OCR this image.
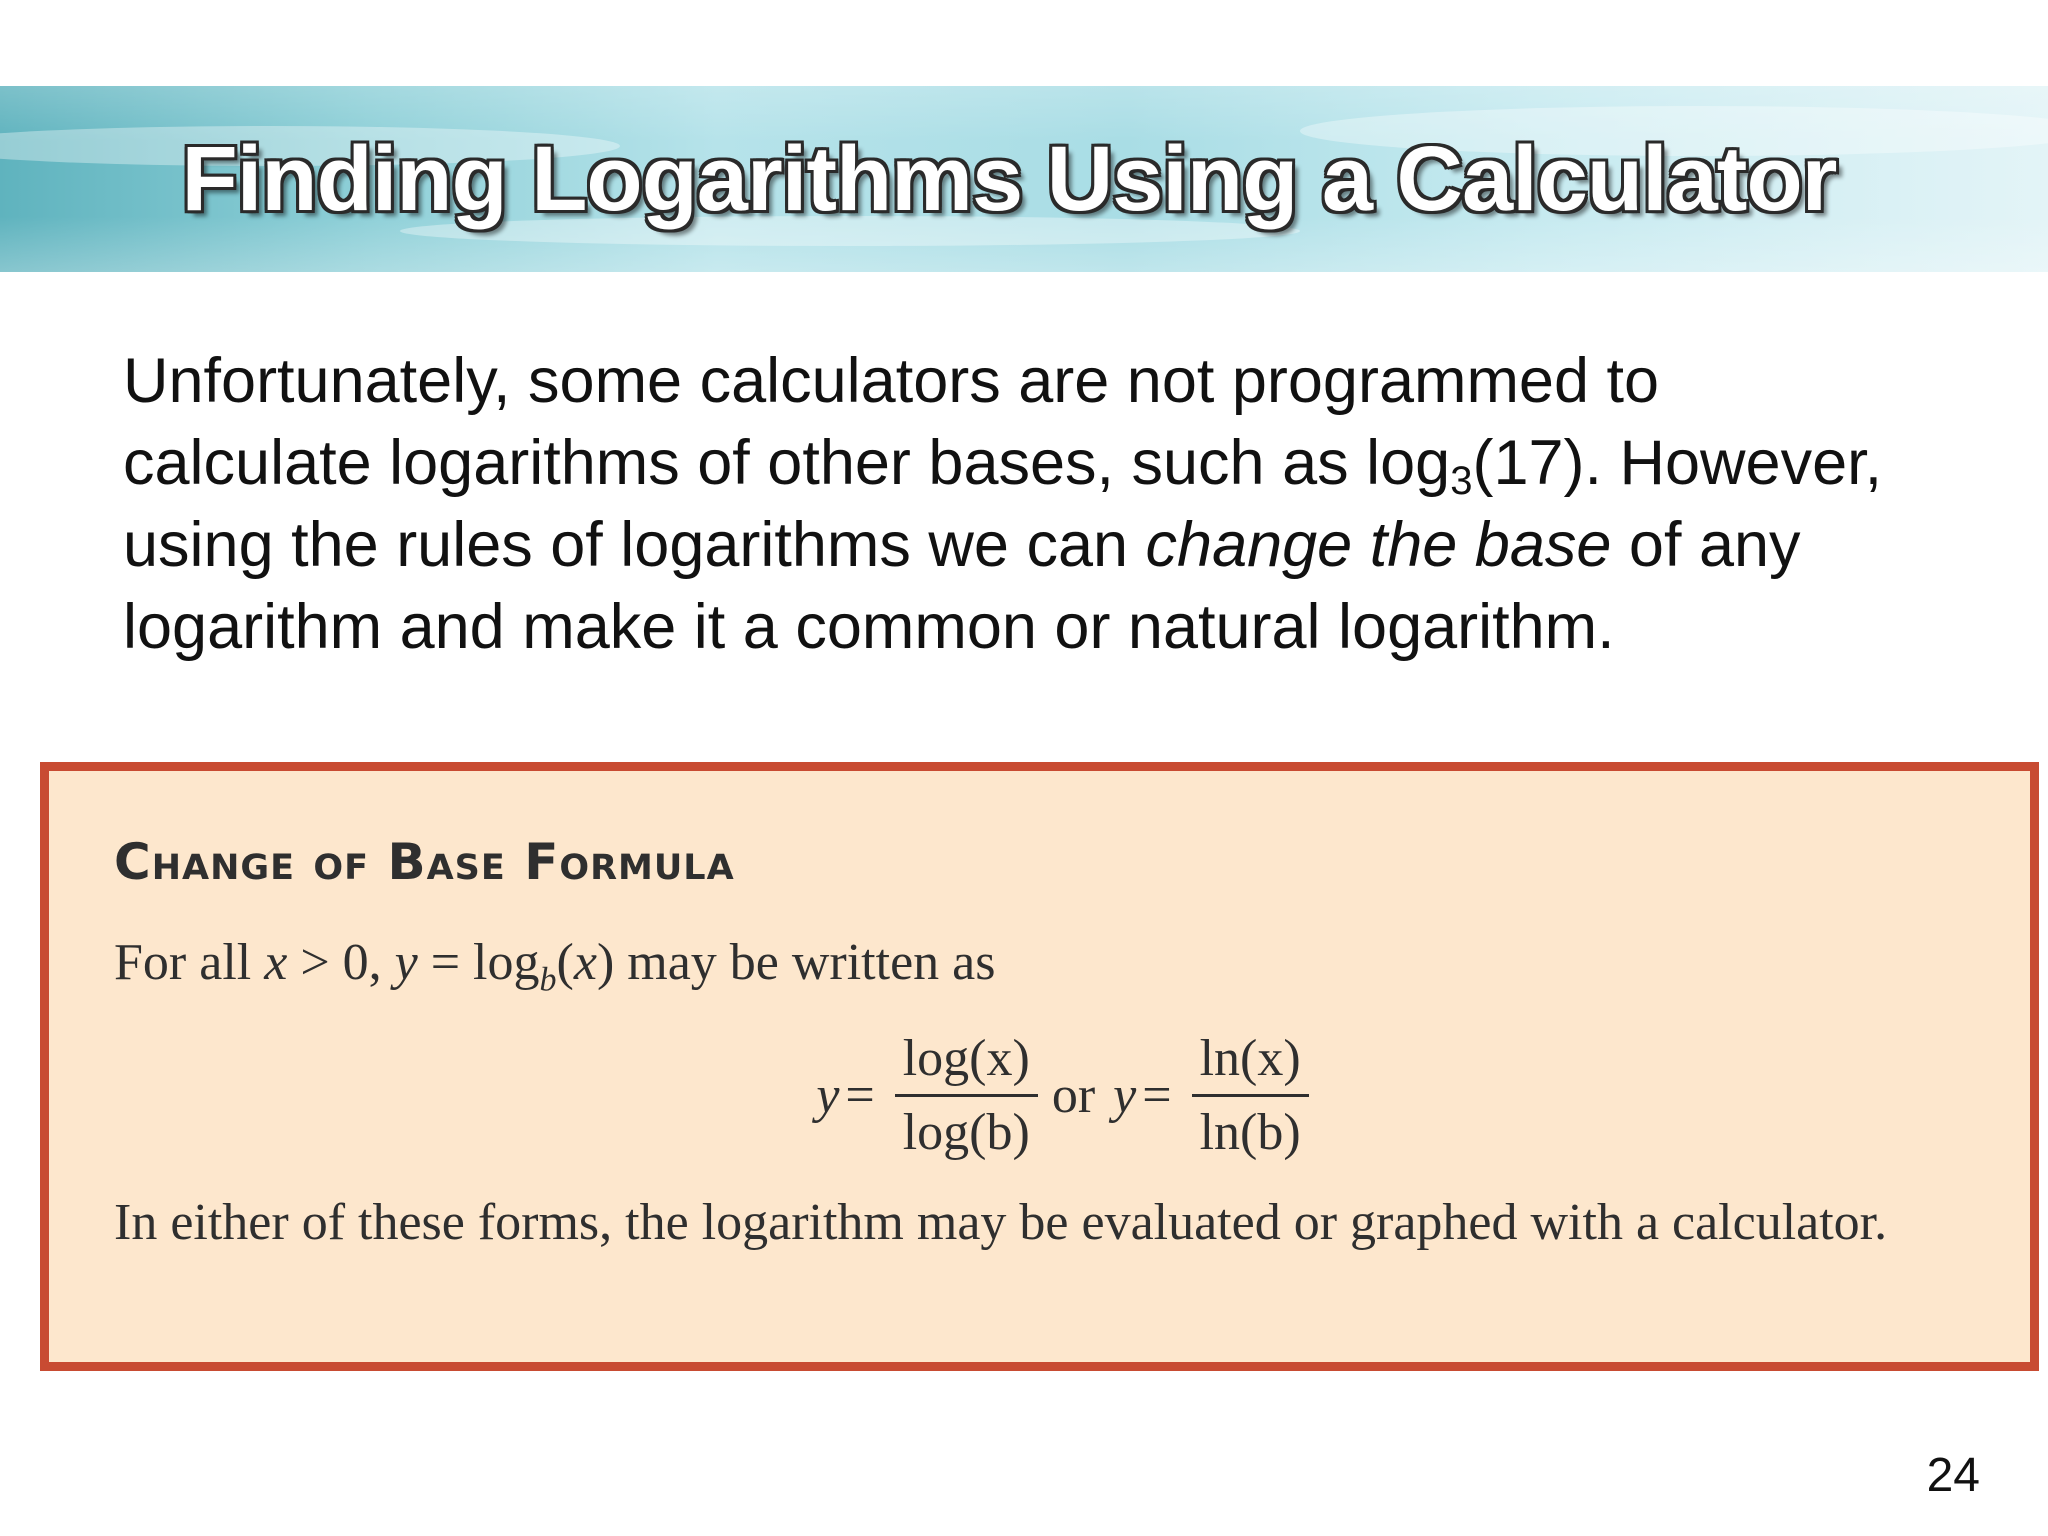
Finding Logarithms Using a Calculator
Unfortunately, some calculators are not programmed to calculate logarithms of other bases, such as $\log_3(17)$. However, using the rules of logarithms we can change the base of any logarithm and make it a common or natural logarithm.
Change of Base Formula
For all x > 0, $y = \log_b(x)$ may be written as
$y = \frac{\log(x)}{\log(b)}$ or $y = \frac{\ln(x)}{\ln(b)}$
In either of these forms, the logarithm may be evaluated or graphed with a calculator.
24
